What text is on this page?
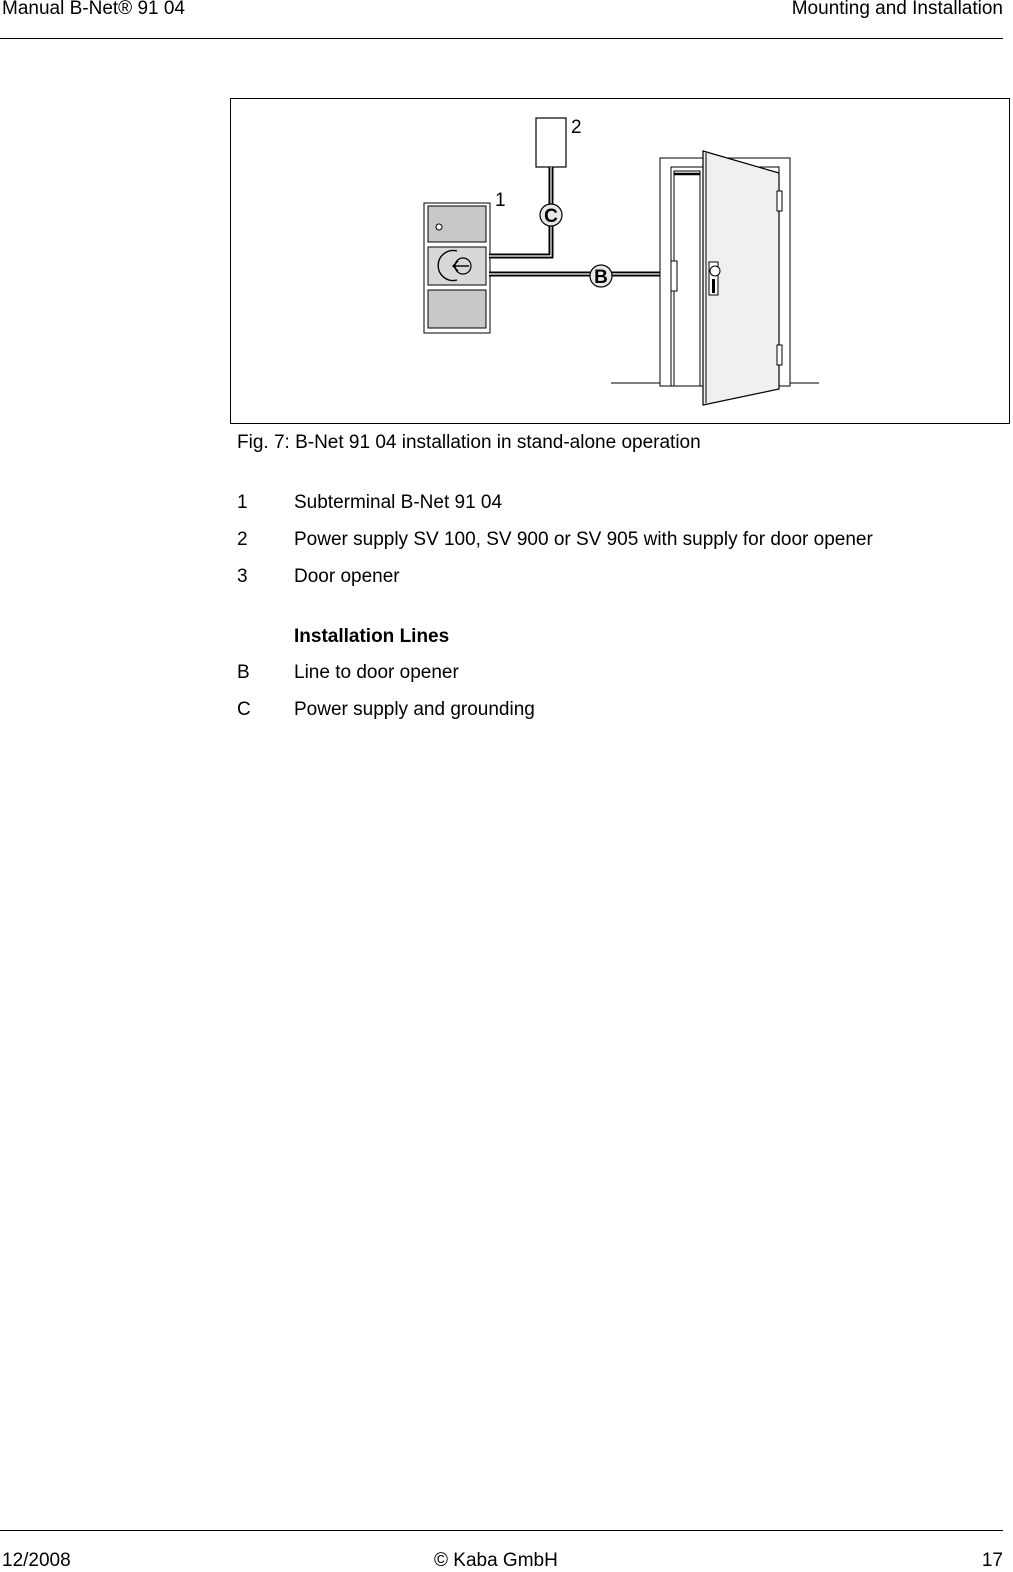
Manual B-Net® 91 04	Mounting and Installation
C
B
1
2
Fig. 7: B-Net 91 04 installation in stand-alone operation
1 Subterminal B-Net 91 04
2 Power supply SV 100, SV 900 or SV 905 with supply for door opener
3 Door opener
Installation Lines
B Line to door opener
C Power supply and grounding
12/2008	© Kaba GmbH	17
